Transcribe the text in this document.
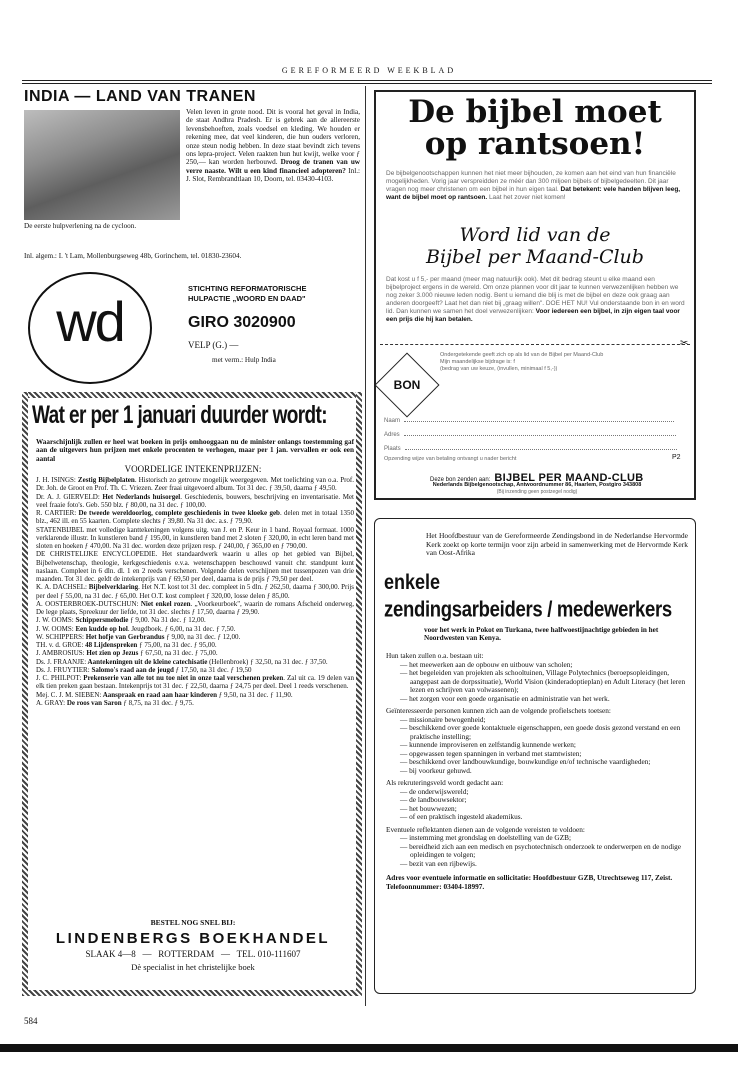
GEREFORMEERD WEEKBLAD
INDIA — LAND VAN TRANEN
De eerste hulpverlening na de cycloon.
Velen leven in grote nood. Dit is vooral het geval in India, de staat Andhra Pradesh. Er is gebrek aan de allereerste levensbehoeften, zoals voedsel en kleding. We houden er rekening mee, dat veel kinderen, die hun ouders verloren, onze steun nodig hebben. In deze staat bevindt zich tevens ons lepra-project. Velen raakten hun hut kwijt, welke voor ƒ 250,— kan worden herbouwd. Droog de tranen van uw verre naaste. Wilt u een kind financieel adopteren? Inl.: J. Slot, Rembrandtlaan 10, Doorn, tel. 03430-4103.
Inl. algem.: I. 't Lam, Mollenburgseweg 48b, Gorinchem, tel. 01830-23604.
wd
STICHTING REFORMATORISCHE
HULPACTIE „WOORD EN DAAD"
GIRO 3020900
VELP (G.) —
met verm.: Hulp India
Wat er per 1 januari duurder wordt:
Waarschijnlijk zullen er heel wat boeken in prijs omhooggaan nu de minister onlangs toestemming gaf aan de uitgevers hun prijzen met enkele procenten te verhogen, maar per 1 jan. vervallen er ook een aantal
VOORDELIGE INTEKENPRIJZEN:
J. H. ISINGS: Zestig Bijbelplaten. Historisch zo getrouw mogelijk weergegeven. Met toelichting van o.a. Prof. Dr. Joh. de Groot en Prof. Th. C. Vriezen. Zeer fraai uitgevoerd album. Tot 31 dec. ƒ 39,50, daarna ƒ 49,50.
Dr. A. J. GIERVELD: Het Nederlands huisorgel. Geschiedenis, bouwers, beschrijving en inventarisatie. Met veel fraaie foto's. Geb. 550 blz. ƒ 80,00, na 31 dec. ƒ 100,00.
R. CARTIER: De tweede wereldoorlog, complete geschiedenis in twee kloeke geb. delen met in totaal 1350 blz., 462 ill. en 55 kaarten. Complete slechts ƒ 39,80. Na 31 dec. a.s. ƒ 79,90.
STATENBIJBEL met volledige kanttekeningen volgens uitg. van J. en P. Keur in 1 band. Royaal formaat. 1000 verklarende illustr. In kunstleren band ƒ 195,00, in kunstleren band met 2 sloten ƒ 320,00, in echt leren band met sloten en hoeken ƒ 470,00. Na 31 dec. worden deze prijzen resp. ƒ 240,00, ƒ 365,00 en ƒ 790,00.
DE CHRISTELIJKE ENCYCLOPEDIE. Het standaardwerk waarin u alles op het gebied van Bijbel, Bijbelwetenschap, theologie, kerkgeschiedenis e.v.a. wetenschappen beschouwd vanuit chr. standpunt kunt naslaan. Compleet in 6 dln. dl. 1 en 2 reeds verschenen. Volgende delen verschijnen met tussenpozen van drie maanden. Tot 31 dec. geldt de intekenprijs van ƒ 69,50 per deel, daarna is de prijs ƒ 79,50 per deel.
K. A. DACHSEL: Bijbelverklaring. Het N.T. kost tot 31 dec. compleet in 5 dln. ƒ 262,50, daarna ƒ 300,00. Prijs per deel ƒ 55,00, na 31 dec. ƒ 65,00. Het O.T. kost compleet ƒ 320,00, losse delen ƒ 85,00.
A. OOSTERBROEK-DUTSCHUN: Niet enkel rozen. „Voorkeurboek", waarin de romans Afscheid onderweg, De lege plaats, Spreekuur der liefde, tot 31 dec. slechts ƒ 17,50, daarna ƒ 29,90.
J. W. OOMS: Schippersmelodie ƒ 9,00. Na 31 dec. ƒ 12,00.
J. W. OOMS: Een kudde op hol. Jeugdboek. ƒ 6,00, na 31 dec. ƒ 7,50.
W. SCHIPPERS: Het hofje van Gerbrandus ƒ 9,00, na 31 dec. ƒ 12,00.
TH. v. d. GROE: 48 Lijdenspreken ƒ 75,00, na 31 dec. ƒ 95,00.
J. AMBROSIUS: Het zien op Jezus ƒ 67,50, na 31 dec. ƒ 75,00.
Ds. J. FRAANJE: Aantekeningen uit de kleine catechisatie (Hellenbroek) ƒ 32,50, na 31 dec. ƒ 37,50.
Ds. J. FRUYTIER: Salomo's raad aan de jeugd ƒ 17,50, na 31 dec. ƒ 19,50
J. C. PHILPOT: Prekenserie van alle tot nu toe niet in onze taal verschenen preken. Zal uit ca. 19 delen van elk tien preken gaan bestaan. Intekenprijs tot 31 dec. ƒ 22,50, daarna ƒ 24,75 per deel. Deel 1 reeds verschenen.
Mej. C. J. M. SIEBEN: Aanspraak en raad aan haar kinderen ƒ 9,50, na 31 dec. ƒ 11,90.
A. GRAY: De roos van Saron ƒ 8,75, na 31 dec. ƒ 9,75.
BESTEL NOG SNEL BIJ:
LINDENBERGS BOEKHANDEL
SLAAK 4—8   —   ROTTERDAM   —   TEL. 010-111607
Dè specialist in het christelijke boek
584
De bijbel moet
op rantsoen!
De bijbelgenootschappen kunnen het niet meer bijhouden, ze komen aan het eind van hun financiële mogelijkheden. Vorig jaar verspreidden ze méér dan 300 miljoen bijbels of bijbelgedeelten. Dit jaar vragen nog meer christenen om een bijbel in hun eigen taal. Dat betekent: vele handen blijven leeg, want de bijbel moet op rantsoen. Laat het zover niet komen!
Word lid van de
Bijbel per Maand-Club
Dat kost u f 5,- per maand (meer mag natuurlijk ook). Met dit bedrag steunt u elke maand een bijbelproject ergens in de wereld. Om onze plannen voor dit jaar te kunnen verwezenlijken hebben we nog zeker 3.000 nieuwe leden nodig. Bent u iemand die blij is met de bijbel en deze ook graag aan anderen doorgeeft? Laat het dan niet bij „graag willen". DOE HET NU! Vul onderstaande bon in en word lid. Dan kunnen we samen het doel verwezenlijken: Voor iedereen een bijbel, in zijn eigen taal voor een prijs die hij kan betalen.
✂
BON
Ondergetekende geeft zich op als lid van de Bijbel per Maand-Club
Mijn maandelijkse bijdrage is: f
(bedrag van uw keuze, (invullen, minimaal f 5,-))
Naam
Adres
Plaats
Opzending wijze van betaling ontvangt u nader bericht	P2
Deze bon zenden aan: BIJBEL PER MAAND-CLUB
Nederlands Bijbelgenootschap, Antwoordnummer 86, Haarlem, Postgiro 343808
(Bij inzending geen postzegel nodig)
Het Hoofdbestuur van de Gereformeerde Zendingsbond in de Nederlandse Hervormde Kerk zoekt op korte termijn voor zijn arbeid in samenwerking met de Hervormde Kerk van Oost-Afrika
enkele
zendingsarbeiders / medewerkers
voor het werk in Pokot en Turkana, twee halfwoestijnachtige gebieden in het Noordwesten van Kenya.
Hun taken zullen o.a. bestaan uit:
— het meewerken aan de opbouw en uitbouw van scholen;
— het begeleiden van projekten als schooltuinen, Village Polytechnics (beroepsopleidingen, aangepast aan de dorpssituatie), World Vision (kinderadoptieplan) en Adult Literacy (het leren lezen en schrijven van volwassenen);
— het zorgen voor een goede organisatie en administratie van het werk.
Geïnteresseerde personen kunnen zich aan de volgende profielschets toetsen:
— missionaire bewogenheid;
— beschikkend over goede kontaktuele eigenschappen, een goede dosis gezond verstand en een praktische instelling;
— kunnende improviseren en zelfstandig kunnende werken;
— opgewassen tegen spanningen in verband met stamtwisten;
— beschikkend over landbouwkundige, bouwkundige en/of technische vaardigheden;
— bij voorkeur gehuwd.
Als rekruteringsveld wordt gedacht aan:
— de onderwijswereld;
— de landbouwsektor;
— het bouwwezen;
— of een praktisch ingesteld akademikus.
Eventuele reflektanten dienen aan de volgende vereisten te voldoen:
— instemming met grondslag en doelstelling van de GZB;
— bereidheid zich aan een medisch en psychotechnisch onderzoek te onderwerpen en de nodige opleidingen te volgen;
— bezit van een rijbewijs.
Adres voor eventuele informatie en sollicitatie: Hoofdbestuur GZB, Utrechtseweg 117, Zeist. Telefoonnummer: 03404-18997.
